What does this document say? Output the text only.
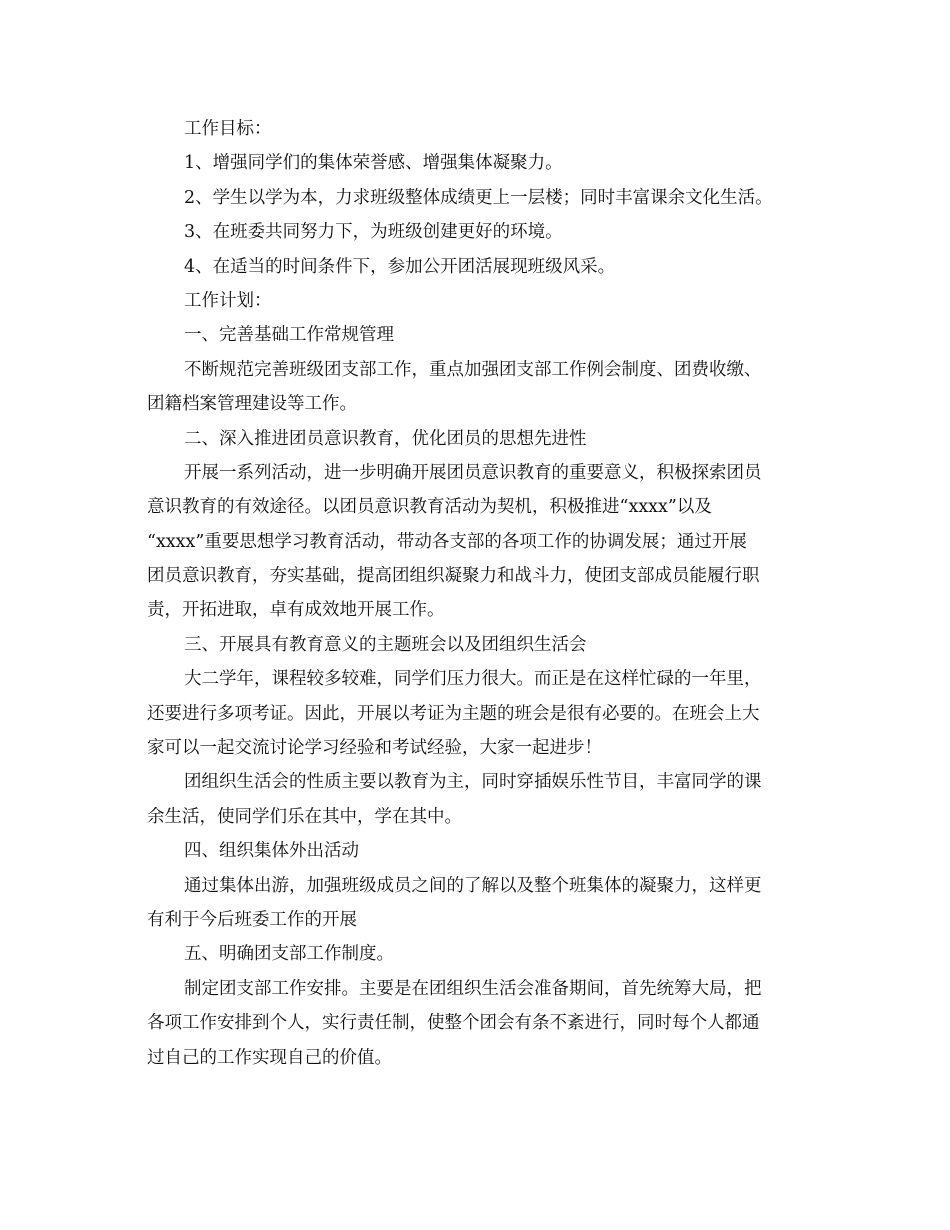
工作目标：
1、增强同学们的集体荣誉感、增强集体凝聚力。
2、学生以学为本，力求班级整体成绩更上一层楼；同时丰富课余文化生活。
3、在班委共同努力下，为班级创建更好的环境。
4、在适当的时间条件下，参加公开团活展现班级风采。
工作计划：
一、完善基础工作常规管理
不断规范完善班级团支部工作，重点加强团支部工作例会制度、团费收缴、
团籍档案管理建设等工作。
二、深入推进团员意识教育，优化团员的思想先进性
开展一系列活动，进一步明确开展团员意识教育的重要意义，积极探索团员
意识教育的有效途径。以团员意识教育活动为契机，积极推进“xxxx”以及
“xxxx”重要思想学习教育活动，带动各支部的各项工作的协调发展；通过开展
团员意识教育，夯实基础，提高团组织凝聚力和战斗力，使团支部成员能履行职
责，开拓进取，卓有成效地开展工作。
三、开展具有教育意义的主题班会以及团组织生活会
大二学年，课程较多较难，同学们压力很大。而正是在这样忙碌的一年里，
还要进行多项考证。因此，开展以考证为主题的班会是很有必要的。在班会上大
家可以一起交流讨论学习经验和考试经验，大家一起进步！
团组织生活会的性质主要以教育为主，同时穿插娱乐性节目，丰富同学的课
余生活，使同学们乐在其中，学在其中。
四、组织集体外出活动
通过集体出游，加强班级成员之间的了解以及整个班集体的凝聚力，这样更
有利于今后班委工作的开展
五、明确团支部工作制度。
制定团支部工作安排。主要是在团组织生活会准备期间，首先统筹大局，把
各项工作安排到个人，实行责任制，使整个团会有条不紊进行，同时每个人都通
过自己的工作实现自己的价值。
